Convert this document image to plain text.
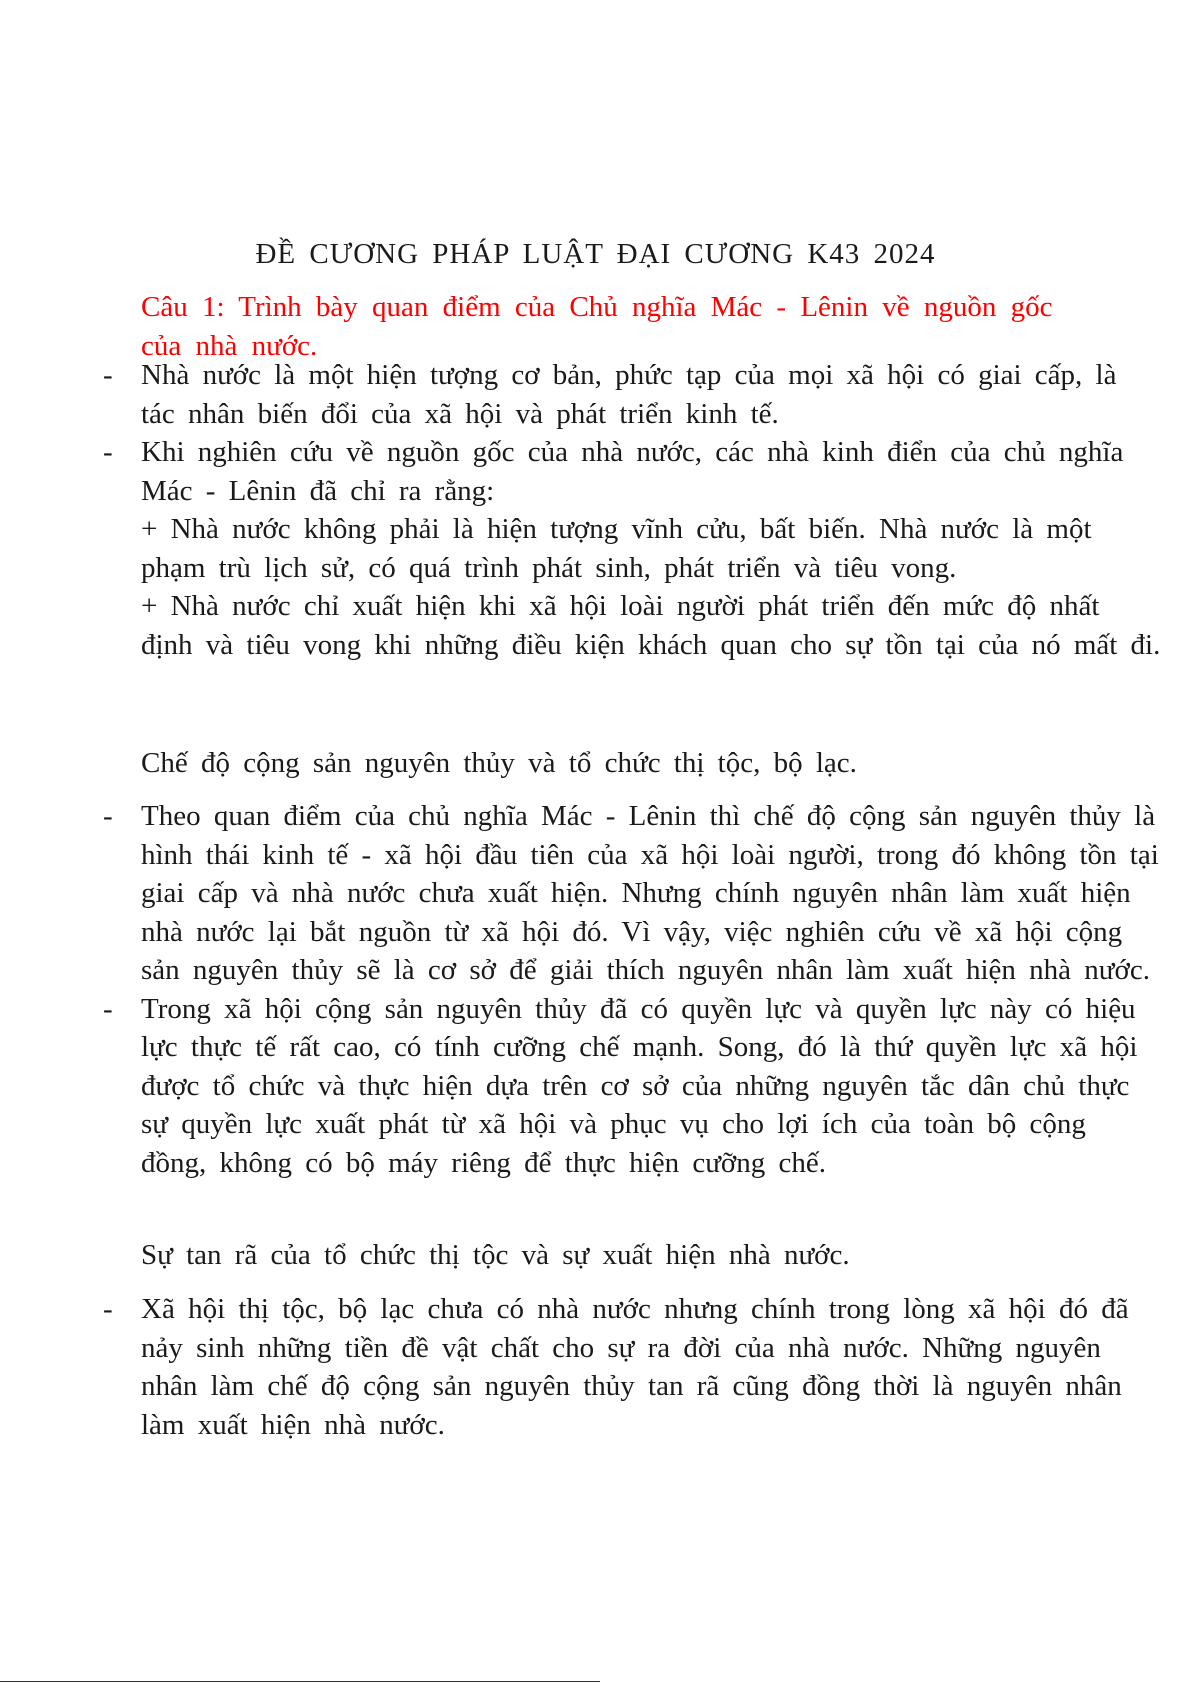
ĐỀ CƯƠNG PHÁP LUẬT ĐẠI CƯƠNG K43 2024

Câu 1: Trình bày quan điểm của Chủ nghĩa Mác - Lênin về nguồn gốc của nhà nước.

- Nhà nước là một hiện tượng cơ bản, phức tạp của mọi xã hội có giai cấp, là tác nhân biến đổi của xã hội và phát triển kinh tế.
- Khi nghiên cứu về nguồn gốc của nhà nước, các nhà kinh điển của chủ nghĩa Mác - Lênin đã chỉ ra rằng:
+ Nhà nước không phải là hiện tượng vĩnh cửu, bất biến. Nhà nước là một phạm trù lịch sử, có quá trình phát sinh, phát triển và tiêu vong.
+ Nhà nước chỉ xuất hiện khi xã hội loài người phát triển đến mức độ nhất định và tiêu vong khi những điều kiện khách quan cho sự tồn tại của nó mất đi.
Chế độ cộng sản nguyên thủy và tổ chức thị tộc, bộ lạc.
- Theo quan điểm của chủ nghĩa Mác - Lênin thì chế độ cộng sản nguyên thủy là hình thái kinh tế - xã hội đầu tiên của xã hội loài người, trong đó không tồn tại giai cấp và nhà nước chưa xuất hiện. Nhưng chính nguyên nhân làm xuất hiện nhà nước lại bắt nguồn từ xã hội đó. Vì vậy, việc nghiên cứu về xã hội cộng sản nguyên thủy sẽ là cơ sở để giải thích nguyên nhân làm xuất hiện nhà nước.
- Trong xã hội cộng sản nguyên thủy đã có quyền lực và quyền lực này có hiệu lực thực tế rất cao, có tính cưỡng chế mạnh. Song, đó là thứ quyền lực xã hội được tổ chức và thực hiện dựa trên cơ sở của những nguyên tắc dân chủ thực sự quyền lực xuất phát từ xã hội và phục vụ cho lợi ích của toàn bộ cộng đồng, không có bộ máy riêng để thực hiện cưỡng chế.
Sự tan rã của tổ chức thị tộc và sự xuất hiện nhà nước.
- Xã hội thị tộc, bộ lạc chưa có nhà nước nhưng chính trong lòng xã hội đó đã nảy sinh những tiền đề vật chất cho sự ra đời của nhà nước. Những nguyên nhân làm chế độ cộng sản nguyên thủy tan rã cũng đồng thời là nguyên nhân làm xuất hiện nhà nước.
